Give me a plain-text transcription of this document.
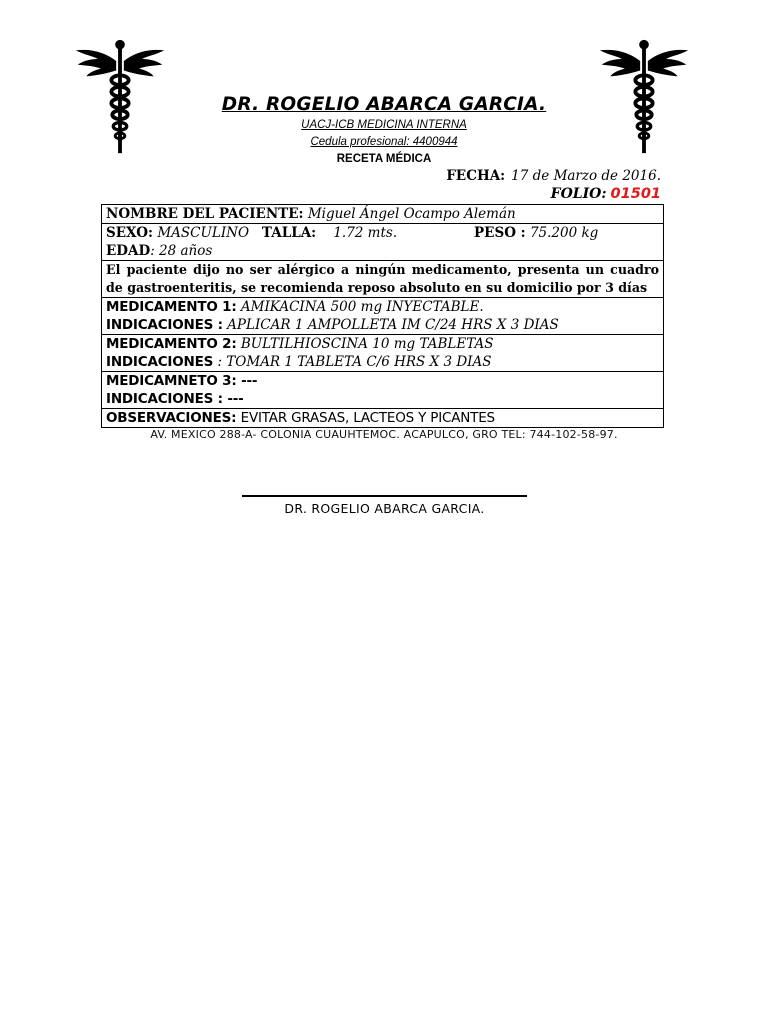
DR. ROGELIO ABARCA GARCIA.
UACJ-ICB MEDICINA INTERNA
Cedula profesional: 4400944
RECETA MÉDICA
FECHA: 17 de Marzo de 2016.
FOLIO: 01501
NOMBRE DEL PACIENTE: Miguel Ángel Ocampo Alemán

SEXO: MASCULINO TALLA: 1.72 mts.	PESO : 75.200 kg
EDAD: 28 años

El paciente dijo no ser alérgico a ningún medicamento, presenta un cuadro de gastroenteritis, se recomienda reposo absoluto en su domicilio por 3 días

MEDICAMENTO 1: AMIKACINA 500 mg INYECTABLE.
INDICACIONES : APLICAR 1 AMPOLLETA IM C/24 HRS X 3 DIAS

MEDICAMENTO 2: BULTILHIOSCINA 10 mg TABLETAS
INDICACIONES : TOMAR 1 TABLETA C/6 HRS X 3 DIAS

MEDICAMNETO 3: ---
INDICACIONES : ---

OBSERVACIONES: EVITAR GRASAS, LACTEOS Y PICANTES
AV. MEXICO 288-A- COLONIA CUAUHTEMOC. ACAPULCO, GRO TEL: 744-102-58-97.
DR. ROGELIO ABARCA GARCIA.
